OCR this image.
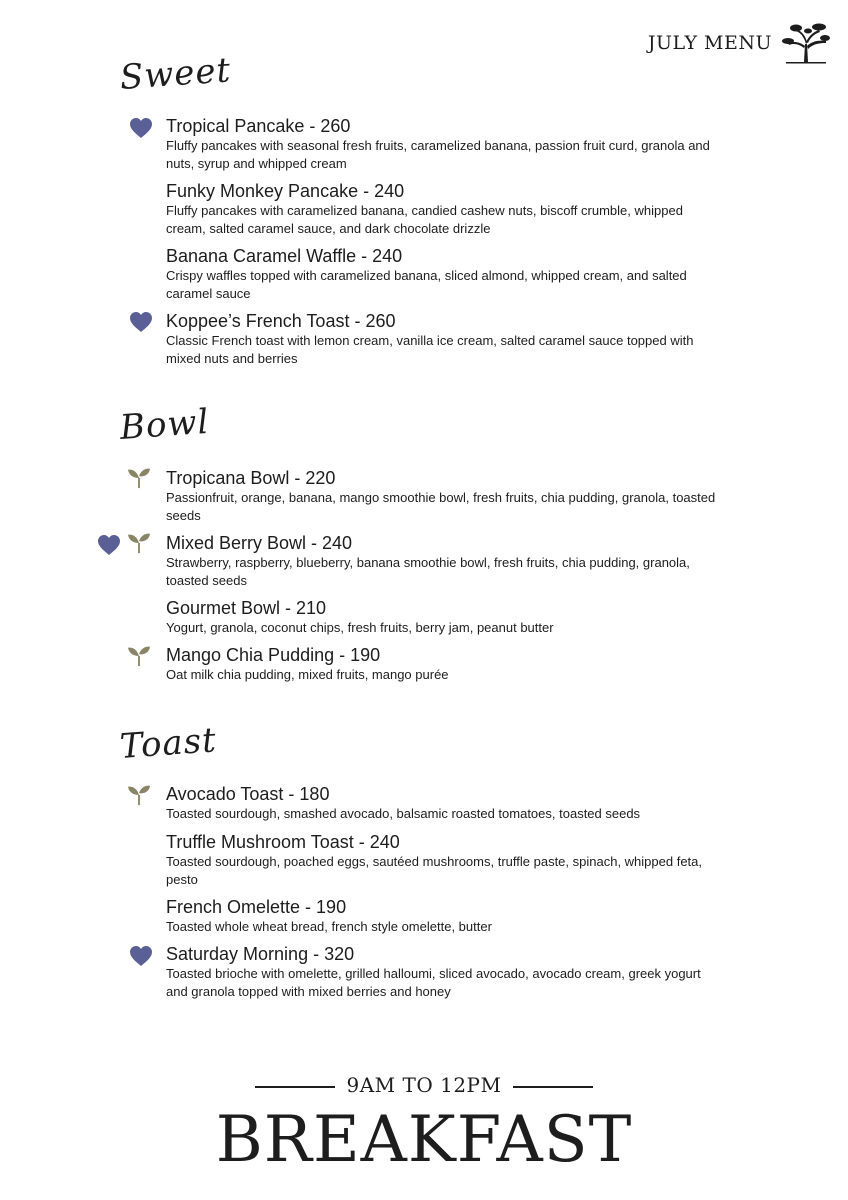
JULY MENU
Sweet
Tropical Pancake - 260
Fluffy pancakes with seasonal fresh fruits, caramelized banana, passion fruit curd, granola and nuts, syrup and whipped cream
Funky Monkey Pancake - 240
Fluffy pancakes with caramelized banana, candied cashew nuts, biscoff crumble, whipped cream, salted caramel sauce, and dark chocolate drizzle
Banana Caramel Waffle - 240
Crispy waffles topped with caramelized banana, sliced almond, whipped cream, and salted caramel sauce
Koppee’s French Toast - 260
Classic French toast with lemon cream, vanilla ice cream, salted caramel sauce topped with mixed nuts and berries
Bowl
Tropicana Bowl - 220
Passionfruit, orange, banana, mango smoothie bowl, fresh fruits, chia pudding, granola, toasted seeds
Mixed Berry Bowl - 240
Strawberry, raspberry, blueberry, banana smoothie bowl, fresh fruits, chia pudding, granola, toasted seeds
Gourmet Bowl - 210
Yogurt, granola, coconut chips, fresh fruits, berry jam, peanut butter
Mango Chia Pudding - 190
Oat milk chia pudding, mixed fruits, mango purée
Toast
Avocado Toast - 180
Toasted sourdough, smashed avocado, balsamic roasted tomatoes, toasted seeds
Truffle Mushroom Toast - 240
Toasted sourdough, poached eggs, sautéed mushrooms, truffle paste, spinach, whipped feta, pesto
French Omelette - 190
Toasted whole wheat bread, french style omelette, butter
Saturday Morning - 320
Toasted brioche with omelette, grilled halloumi, sliced avocado, avocado cream, greek yogurt and granola topped with mixed berries and honey
9AM TO 12PM
BREAKFAST
